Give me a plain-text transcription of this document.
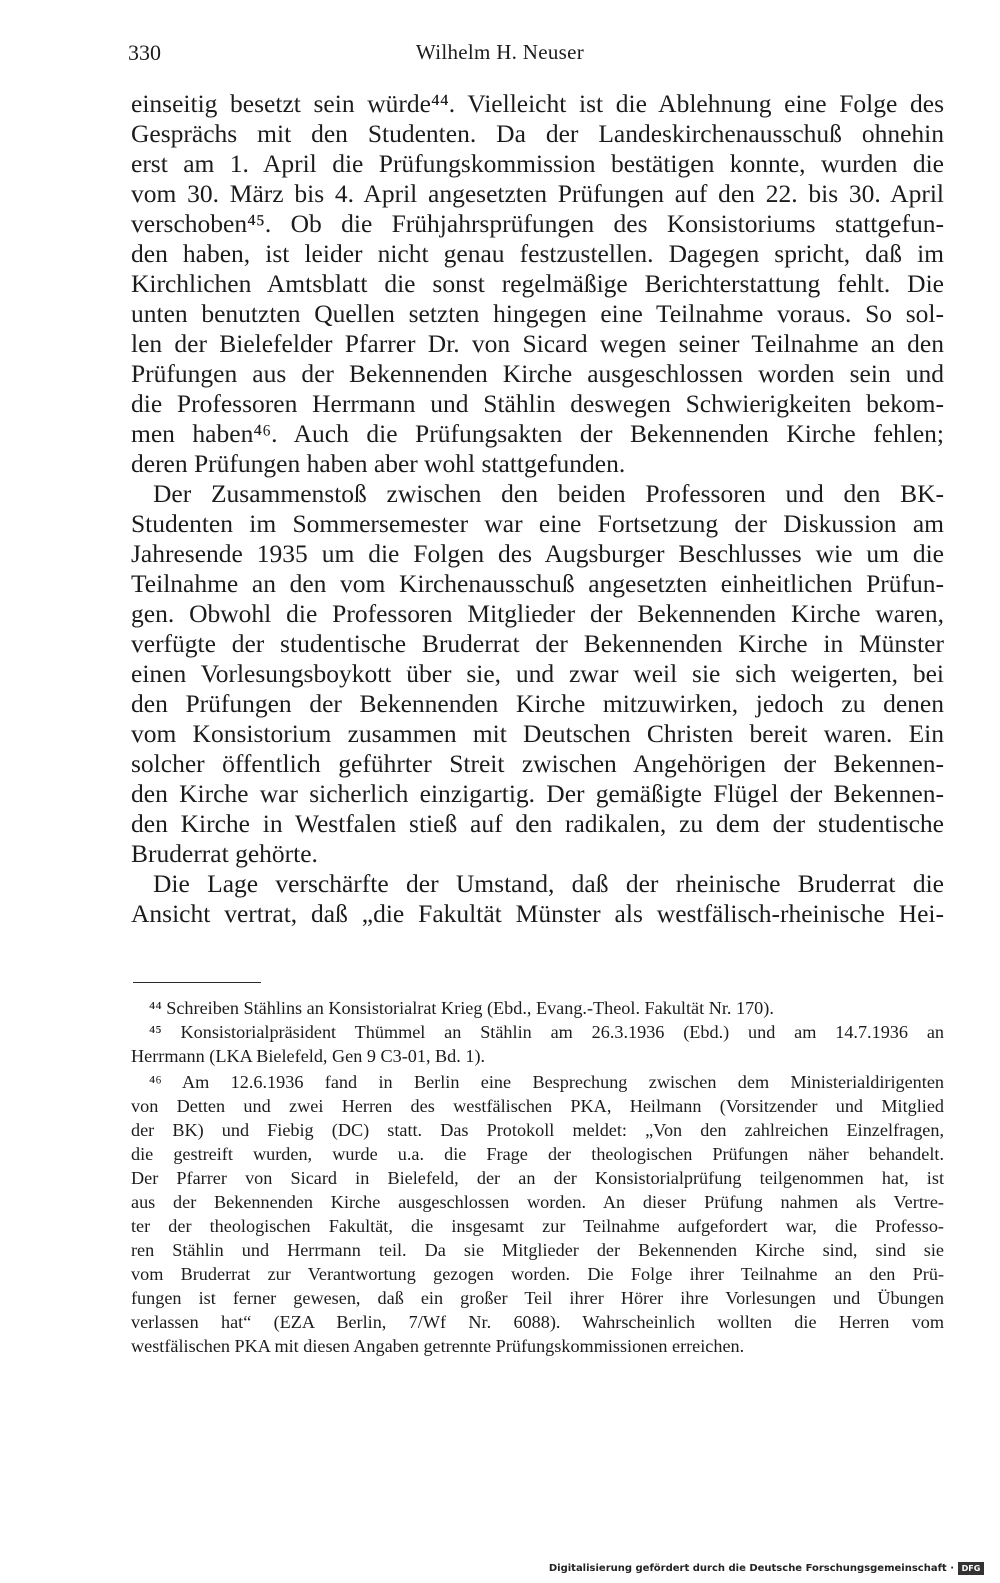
330	Wilhelm H. Neuser
einseitig besetzt sein würde⁴⁴. Vielleicht ist die Ablehnung eine Folge des
Gesprächs mit den Studenten. Da der Landeskirchenausschuß ohnehin
erst am 1. April die Prüfungskommission bestätigen konnte, wurden die
vom 30. März bis 4. April angesetzten Prüfungen auf den 22. bis 30. April
verschoben⁴⁵. Ob die Frühjahrsprüfungen des Konsistoriums stattgefun-
den haben, ist leider nicht genau festzustellen. Dagegen spricht, daß im
Kirchlichen Amtsblatt die sonst regelmäßige Berichterstattung fehlt. Die
unten benutzten Quellen setzten hingegen eine Teilnahme voraus. So sol-
len der Bielefelder Pfarrer Dr. von Sicard wegen seiner Teilnahme an den
Prüfungen aus der Bekennenden Kirche ausgeschlossen worden sein und
die Professoren Herrmann und Stählin deswegen Schwierigkeiten bekom-
men haben⁴⁶. Auch die Prüfungsakten der Bekennenden Kirche fehlen;
deren Prüfungen haben aber wohl stattgefunden.
Der Zusammenstoß zwischen den beiden Professoren und den BK-
Studenten im Sommersemester war eine Fortsetzung der Diskussion am
Jahresende 1935 um die Folgen des Augsburger Beschlusses wie um die
Teilnahme an den vom Kirchenausschuß angesetzten einheitlichen Prüfun-
gen. Obwohl die Professoren Mitglieder der Bekennenden Kirche waren,
verfügte der studentische Bruderrat der Bekennenden Kirche in Münster
einen Vorlesungsboykott über sie, und zwar weil sie sich weigerten, bei
den Prüfungen der Bekennenden Kirche mitzuwirken, jedoch zu denen
vom Konsistorium zusammen mit Deutschen Christen bereit waren. Ein
solcher öffentlich geführter Streit zwischen Angehörigen der Bekennen-
den Kirche war sicherlich einzigartig. Der gemäßigte Flügel der Bekennen-
den Kirche in Westfalen stieß auf den radikalen, zu dem der studentische
Bruderrat gehörte.
Die Lage verschärfte der Umstand, daß der rheinische Bruderrat die
Ansicht vertrat, daß „die Fakultät Münster als westfälisch-rheinische Hei-
⁴⁴ Schreiben Stählins an Konsistorialrat Krieg (Ebd., Evang.-Theol. Fakultät Nr. 170).
⁴⁵ Konsistorialpräsident Thümmel an Stählin am 26.3.1936 (Ebd.) und am 14.7.1936 an
Herrmann (LKA Bielefeld, Gen 9 C3-01, Bd. 1).
⁴⁶ Am 12.6.1936 fand in Berlin eine Besprechung zwischen dem Ministerialdirigenten
von Detten und zwei Herren des westfälischen PKA, Heilmann (Vorsitzender und Mitglied
der BK) und Fiebig (DC) statt. Das Protokoll meldet: „Von den zahlreichen Einzelfragen,
die gestreift wurden, wurde u.a. die Frage der theologischen Prüfungen näher behandelt.
Der Pfarrer von Sicard in Bielefeld, der an der Konsistorialprüfung teilgenommen hat, ist
aus der Bekennenden Kirche ausgeschlossen worden. An dieser Prüfung nahmen als Vertre-
ter der theologischen Fakultät, die insgesamt zur Teilnahme aufgefordert war, die Professo-
ren Stählin und Herrmann teil. Da sie Mitglieder der Bekennenden Kirche sind, sind sie
vom Bruderrat zur Verantwortung gezogen worden. Die Folge ihrer Teilnahme an den Prü-
fungen ist ferner gewesen, daß ein großer Teil ihrer Hörer ihre Vorlesungen und Übungen
verlassen hat“ (EZA Berlin, 7/Wf Nr. 6088). Wahrscheinlich wollten die Herren vom
westfälischen PKA mit diesen Angaben getrennte Prüfungskommissionen erreichen.
Digitalisierung gefördert durch die Deutsche Forschungsgemeinschaft · DFG
